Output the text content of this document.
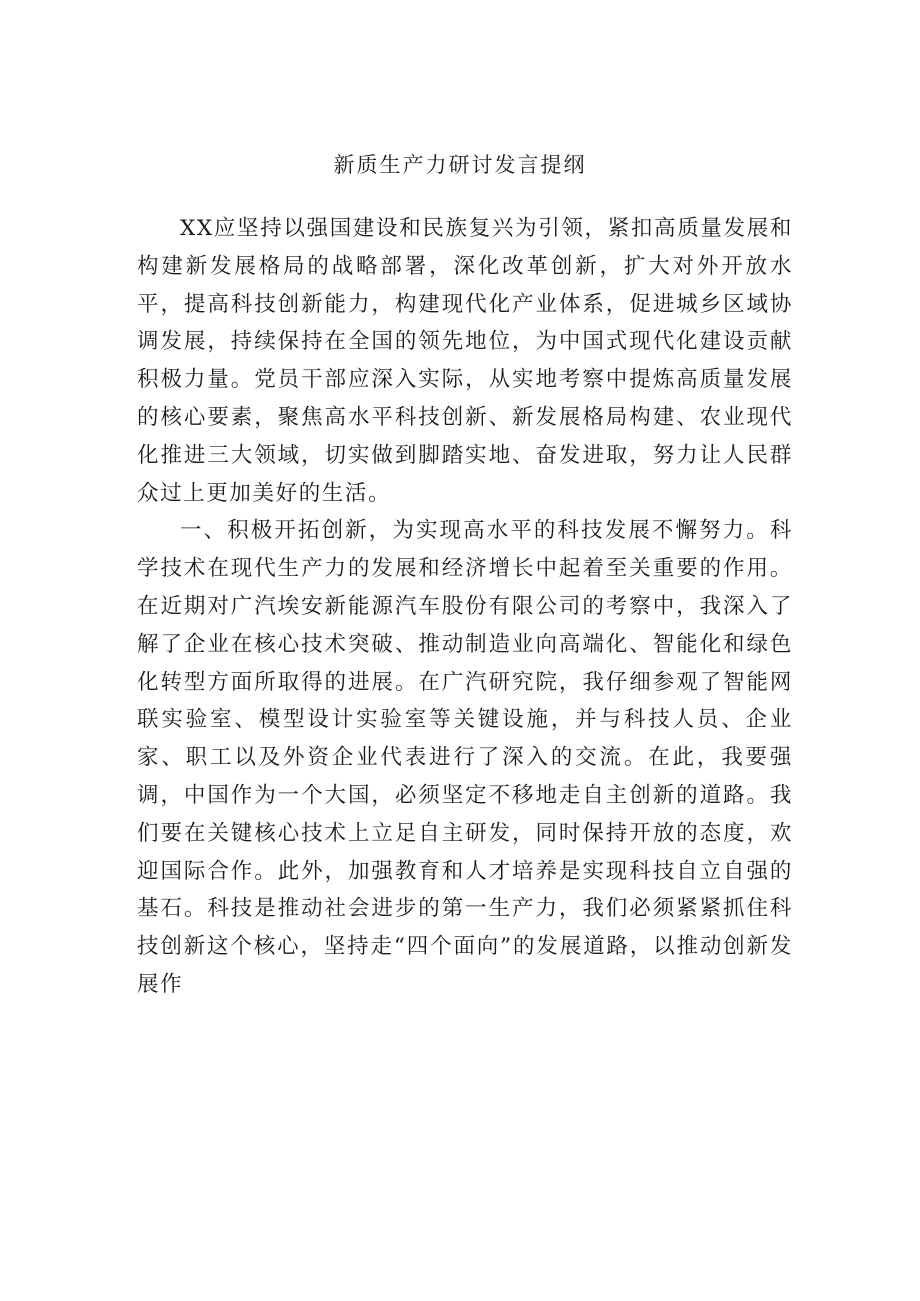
新质生产力研讨发言提纲

XX应坚持以强国建设和民族复兴为引领，紧扣高质量发展和构建新发展格局的战略部署，深化改革创新，扩大对外开放水平，提高科技创新能力，构建现代化产业体系，促进城乡区域协调发展，持续保持在全国的领先地位，为中国式现代化建设贡献积极力量。党员干部应深入实际，从实地考察中提炼高质量发展的核心要素，聚焦高水平科技创新、新发展格局构建、农业现代化推进三大领域，切实做到脚踏实地、奋发进取，努力让人民群众过上更加美好的生活。

一、积极开拓创新，为实现高水平的科技发展不懈努力。科学技术在现代生产力的发展和经济增长中起着至关重要的作用。在近期对广汽埃安新能源汽车股份有限公司的考察中，我深入了解了企业在核心技术突破、推动制造业向高端化、智能化和绿色化转型方面所取得的进展。在广汽研究院，我仔细参观了智能网联实验室、模型设计实验室等关键设施，并与科技人员、企业家、职工以及外资企业代表进行了深入的交流。在此，我要强调，中国作为一个大国，必须坚定不移地走自主创新的道路。我们要在关键核心技术上立足自主研发，同时保持开放的态度，欢迎国际合作。此外，加强教育和人才培养是实现科技自立自强的基石。科技是推动社会进步的第一生产力，我们必须紧紧抓住科技创新这个核心，坚持走“四个面向”的发展道路，以推动创新发展作
